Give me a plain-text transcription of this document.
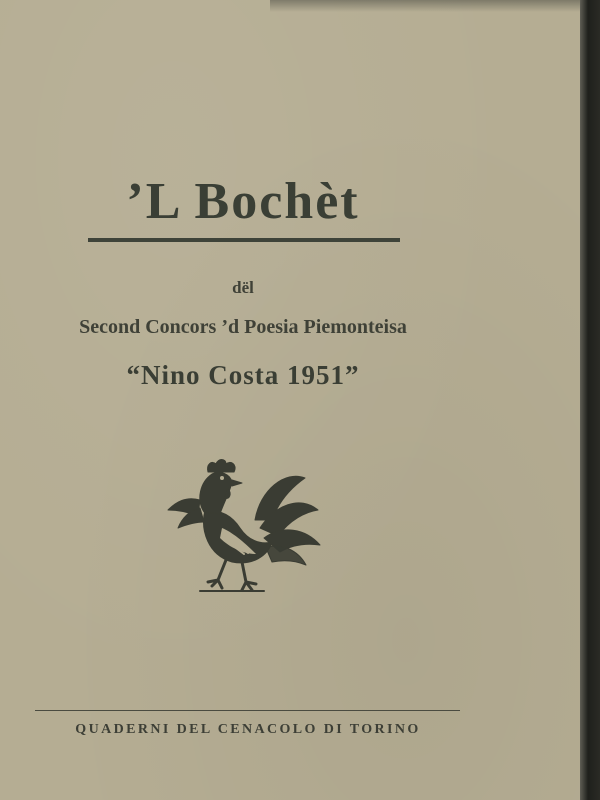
’L Bochèt
dël
Second Concors ’d Poesia Piemonteisa
“Nino Costa 1951”
QUADERNI DEL CENACOLO DI TORINO
